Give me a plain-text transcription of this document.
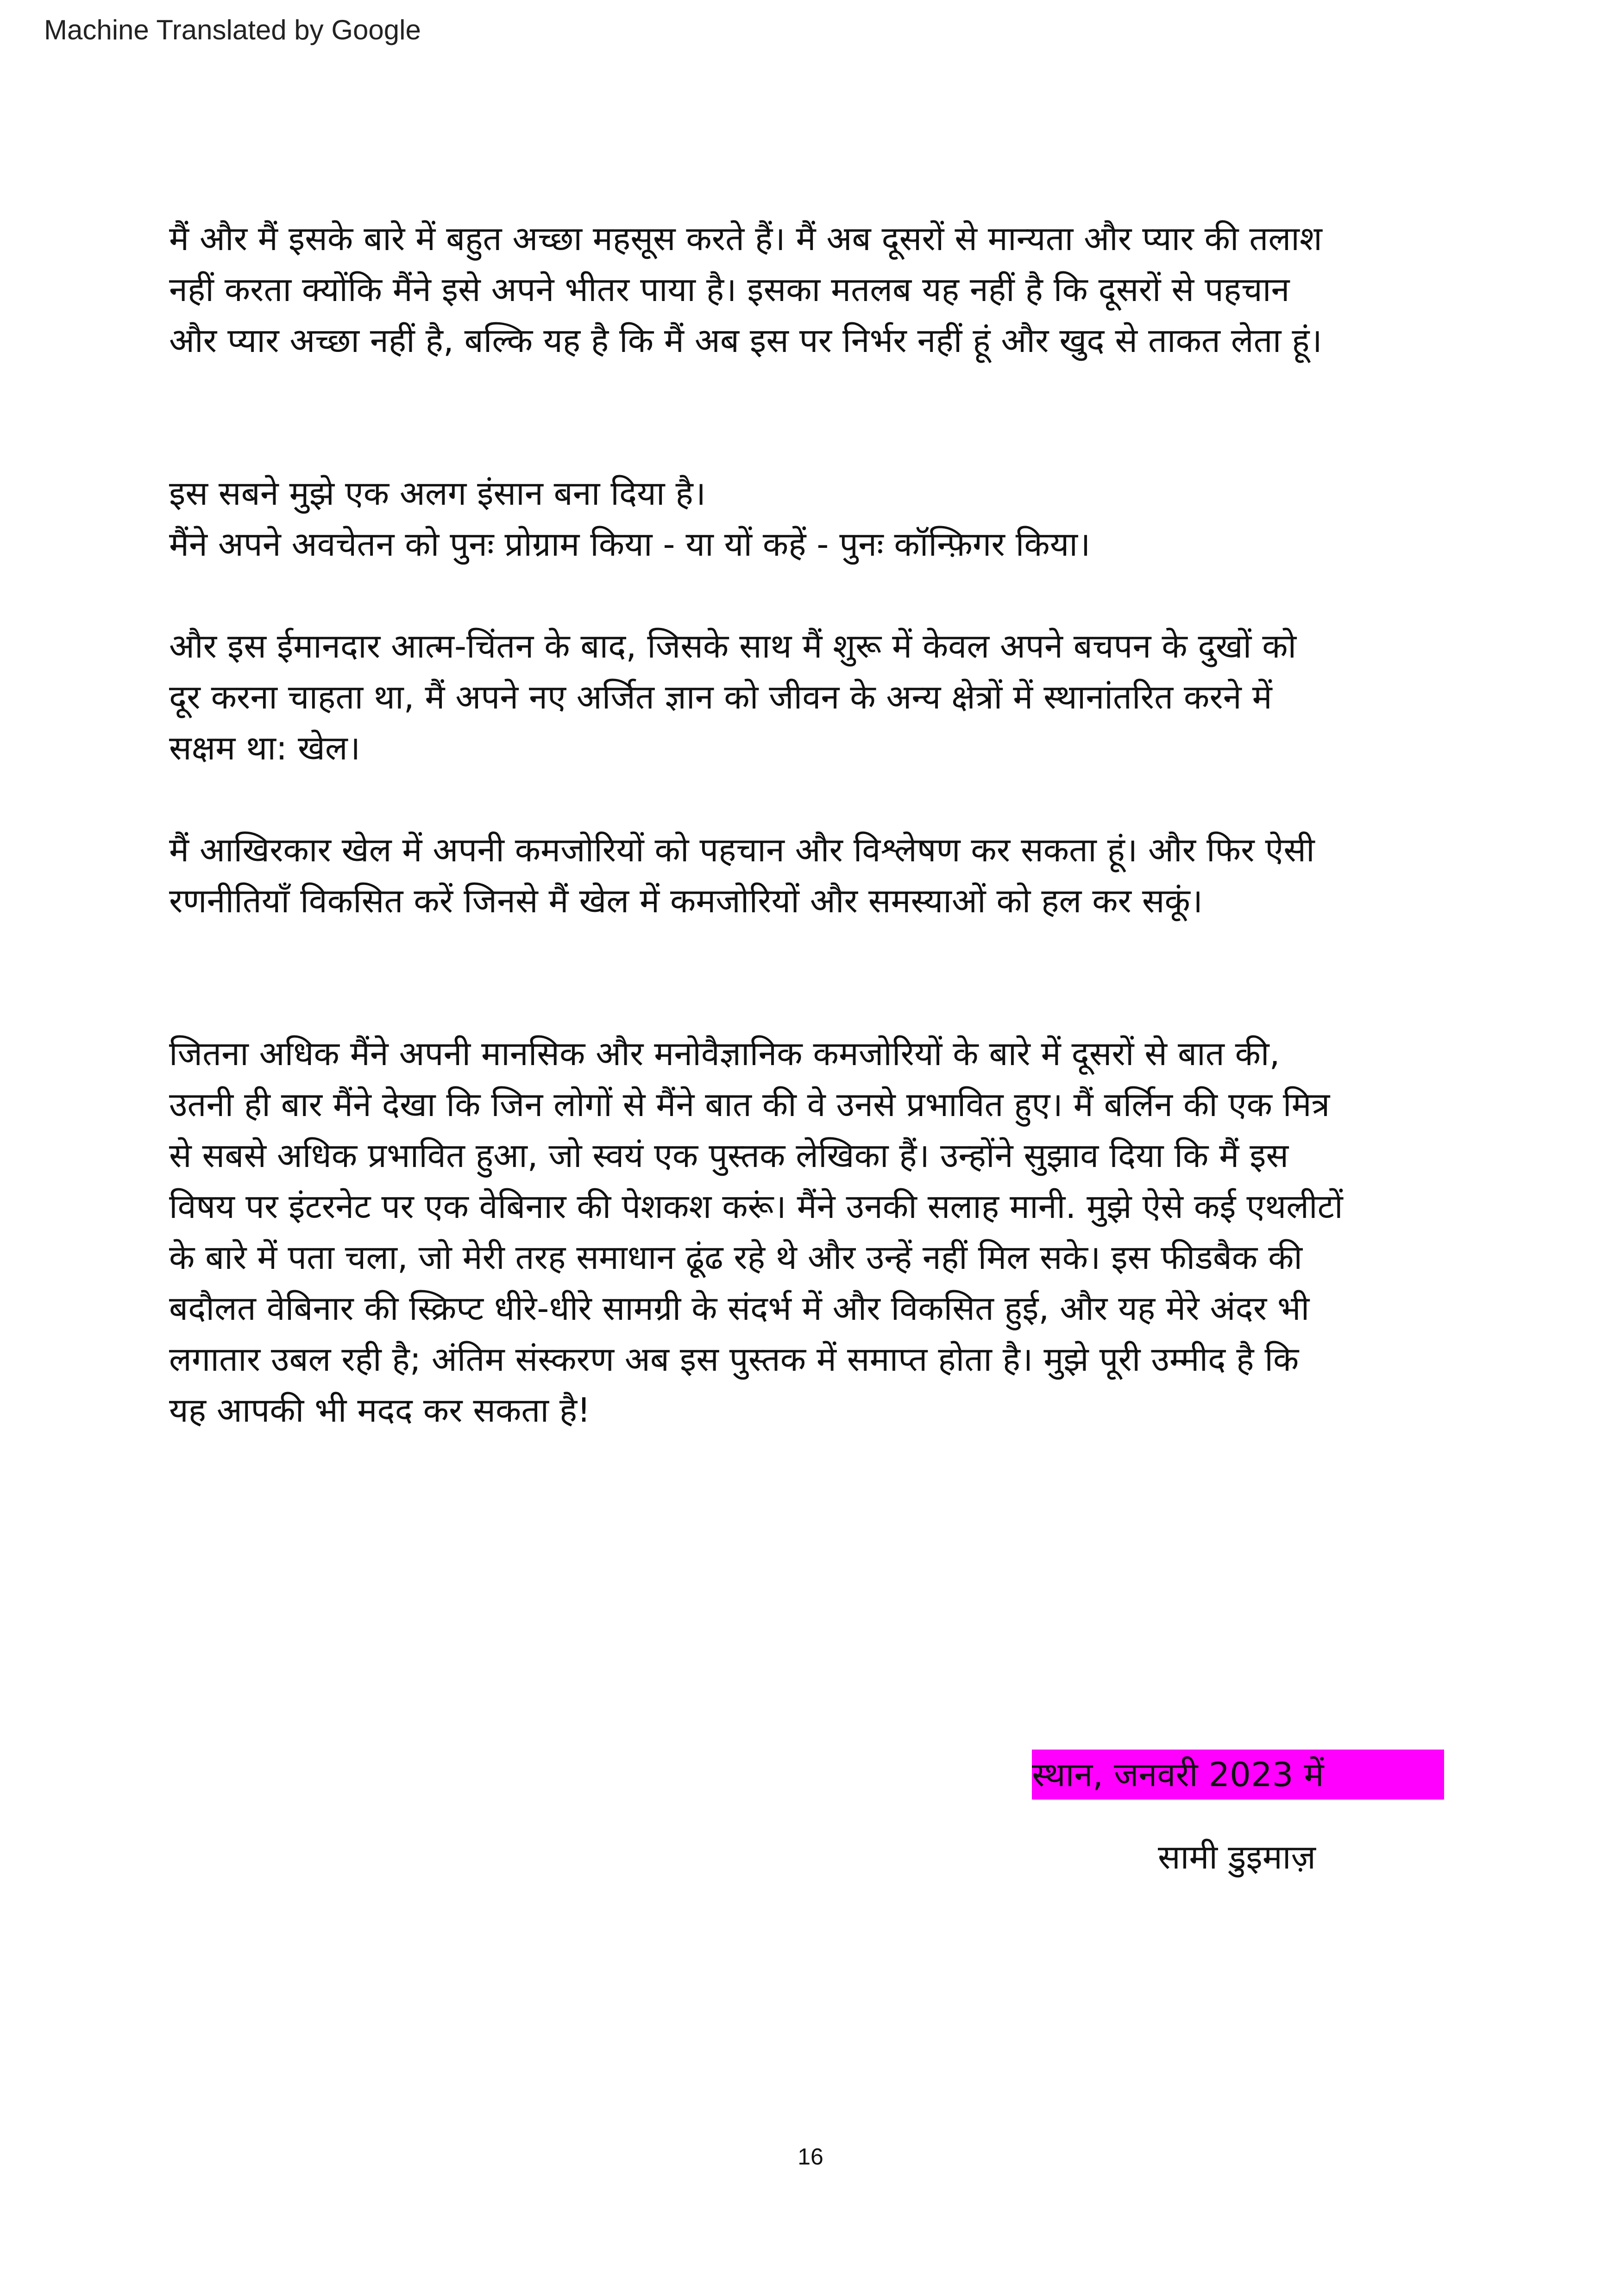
Machine Translated by Google

मैं और मैं इसके बारे में बहुत अच्छा महसूस करते हैं। मैं अब दूसरों से मान्यता और प्यार की तलाश
नहीं करता क्योंकि मैंने इसे अपने भीतर पाया है। इसका मतलब यह नहीं है कि दूसरों से पहचान
और प्यार अच्छा नहीं है, बल्कि यह है कि मैं अब इस पर निर्भर नहीं हूं और खुद से ताकत लेता हूं।

इस सबने मुझे एक अलग इंसान बना दिया है।
मैंने अपने अवचेतन को पुनः प्रोग्राम किया - या यों कहें - पुनः कॉन्फ़िगर किया।

और इस ईमानदार आत्म-चिंतन के बाद, जिसके साथ मैं शुरू में केवल अपने बचपन के दुखों को
दूर करना चाहता था, मैं अपने नए अर्जित ज्ञान को जीवन के अन्य क्षेत्रों में स्थानांतरित करने में
सक्षम था: खेल।

मैं आखिरकार खेल में अपनी कमजोरियों को पहचान और विश्लेषण कर सकता हूं। और फिर ऐसी
रणनीतियाँ विकसित करें जिनसे मैं खेल में कमजोरियों और समस्याओं को हल कर सकूं।

जितना अधिक मैंने अपनी मानसिक और मनोवैज्ञानिक कमजोरियों के बारे में दूसरों से बात की,
उतनी ही बार मैंने देखा कि जिन लोगों से मैंने बात की वे उनसे प्रभावित हुए। मैं बर्लिन की एक मित्र
से सबसे अधिक प्रभावित हुआ, जो स्वयं एक पुस्तक लेखिका हैं। उन्होंने सुझाव दिया कि मैं इस
विषय पर इंटरनेट पर एक वेबिनार की पेशकश करूं। मैंने उनकी सलाह मानी. मुझे ऐसे कई एथलीटों
के बारे में पता चला, जो मेरी तरह समाधान ढूंढ रहे थे और उन्हें नहीं मिल सके। इस फीडबैक की
बदौलत वेबिनार की स्क्रिप्ट धीरे-धीरे सामग्री के संदर्भ में और विकसित हुई, और यह मेरे अंदर भी
लगातार उबल रही है; अंतिम संस्करण अब इस पुस्तक में समाप्त होता है। मुझे पूरी उम्मीद है कि
यह आपकी भी मदद कर सकता है!

स्थान, जनवरी 2023 में
सामी डुइमाज़
16
